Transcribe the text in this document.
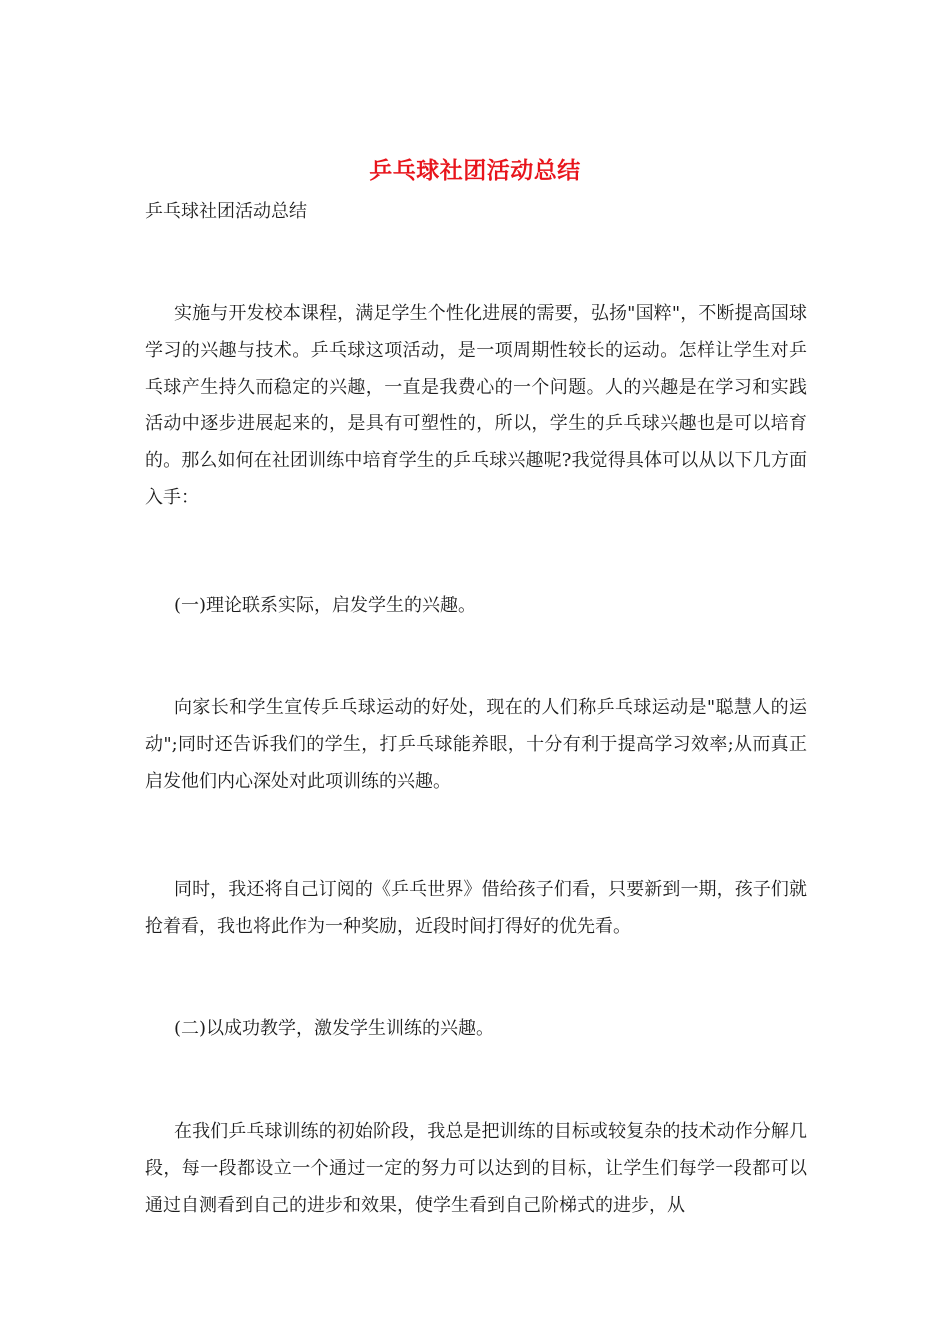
乒乓球社团活动总结
乒乓球社团活动总结

实施与开发校本课程，满足学生个性化进展的需要，弘扬"国粹"，不断提高国球学习的兴趣与技术。乒乓球这项活动，是一项周期性较长的运动。怎样让学生对乒乓球产生持久而稳定的兴趣，一直是我费心的一个问题。人的兴趣是在学习和实践活动中逐步进展起来的，是具有可塑性的，所以，学生的乒乓球兴趣也是可以培育的。那么如何在社团训练中培育学生的乒乓球兴趣呢?我觉得具体可以从以下几方面入手：

(一)理论联系实际，启发学生的兴趣。

向家长和学生宣传乒乓球运动的好处，现在的人们称乒乓球运动是"聪慧人的运动";同时还告诉我们的学生，打乒乓球能养眼，十分有利于提高学习效率;从而真正启发他们内心深处对此项训练的兴趣。

同时，我还将自己订阅的《乒乓世界》借给孩子们看，只要新到一期，孩子们就抢着看，我也将此作为一种奖励，近段时间打得好的优先看。

(二)以成功教学，激发学生训练的兴趣。

在我们乒乓球训练的初始阶段，我总是把训练的目标或较复杂的技术动作分解几段，每一段都设立一个通过一定的努力可以达到的目标，让学生们每学一段都可以通过自测看到自己的进步和效果，使学生看到自己阶梯式的进步，从
